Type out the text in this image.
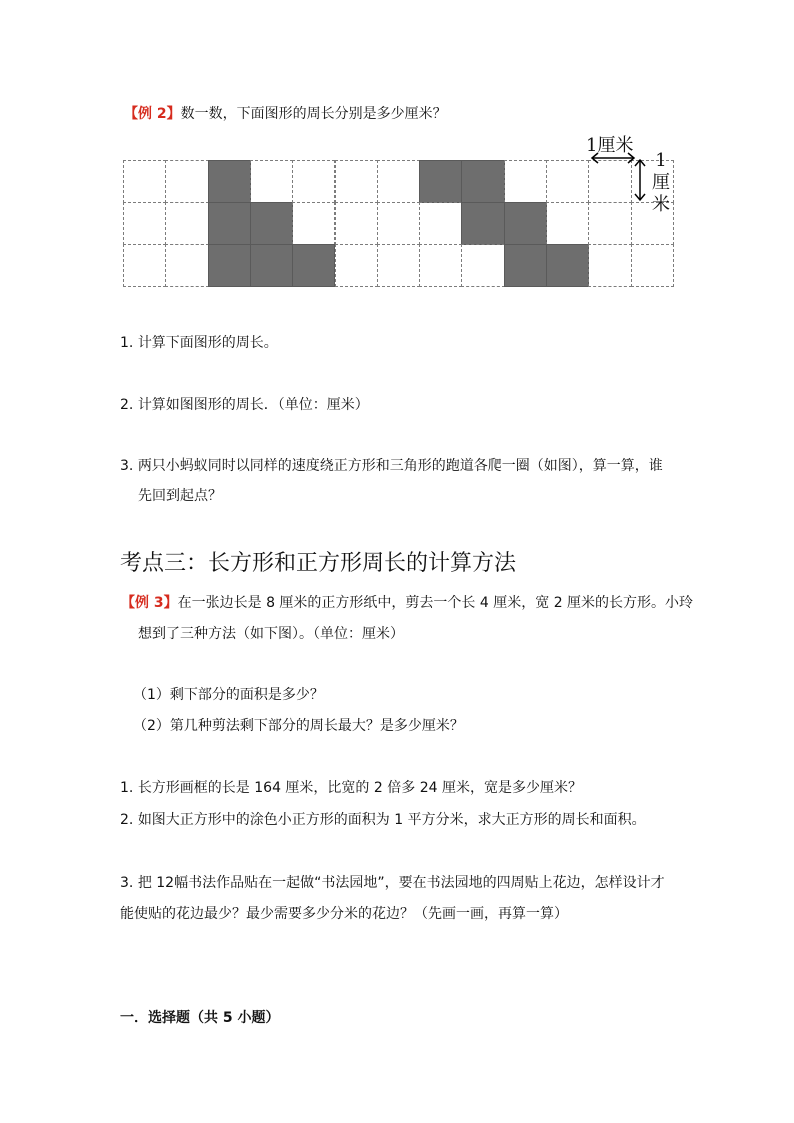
【例 2】数一数，下面图形的周长分别是多少厘米？
1厘米
1
厘
米
1. 计算下面图形的周长。
2. 计算如图图形的周长．（单位：厘米）
3. 两只小蚂蚁同时以同样的速度绕正方形和三角形的跑道各爬一圈（如图），算一算，谁
先回到起点？
考点三：长方形和正方形周长的计算方法
【例 3】在一张边长是 8 厘米的正方形纸中，剪去一个长 4 厘米，宽 2 厘米的长方形。小玲
想到了三种方法（如下图）。（单位：厘米）
（1）剩下部分的面积是多少？
（2）第几种剪法剩下部分的周长最大？是多少厘米？
1. 长方形画框的长是 164 厘米，比宽的 2 倍多 24 厘米，宽是多少厘米？
2. 如图大正方形中的涂色小正方形的面积为 1 平方分米，求大正方形的周长和面积。
3. 把 12幅书法作品贴在一起做“书法园地”，要在书法园地的四周贴上花边，怎样设计才
能使贴的花边最少？最少需要多少分米的花边？（先画一画，再算一算）
一．选择题（共 5 小题）
